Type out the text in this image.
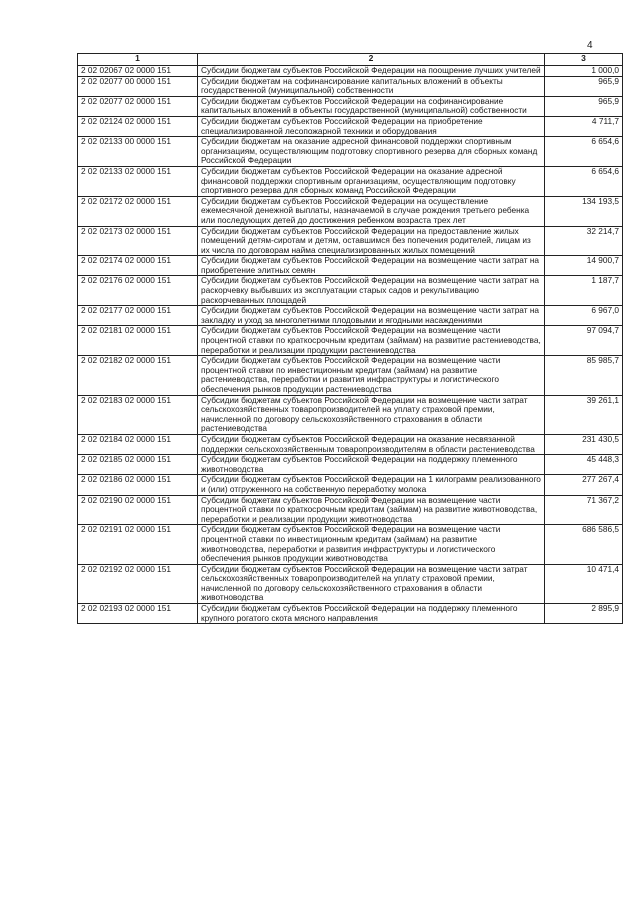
4
1	2	3
2 02 02067 02 0000 151	Субсидии бюджетам субъектов Российской Федерации на поощрение лучших учителей	1 000,0
2 02 02077 00 0000 151	Субсидии бюджетам на софинансирование капитальных вложений в объекты государственной (муниципальной) собственности	965,9
2 02 02077 02 0000 151	Субсидии бюджетам субъектов Российской Федерации на софинансирование капитальных вложений в объекты государственной (муниципальной) собственности	965,9
2 02 02124 02 0000 151	Субсидии бюджетам субъектов Российской Федерации на приобретение специализированной лесопожарной техники и оборудования	4 711,7
2 02 02133 00 0000 151	Субсидии бюджетам на оказание адресной финансовой поддержки спортивным организациям, осуществляющим подготовку спортивного резерва для сборных команд Российской Федерации	6 654,6
2 02 02133 02 0000 151	Субсидии бюджетам субъектов Российской Федерации на оказание адресной финансовой поддержки спортивным организациям, осуществляющим подготовку спортивного резерва для сборных команд Российской Федерации	6 654,6
2 02 02172 02 0000 151	Субсидии бюджетам субъектов Российской Федерации на осуществление ежемесячной денежной выплаты, назначаемой в случае рождения третьего ребенка или последующих детей до достижения ребенком возраста трех лет	134 193,5
2 02 02173 02 0000 151	Субсидии бюджетам субъектов Российской Федерации на предоставление жилых помещений детям-сиротам и детям, оставшимся без попечения родителей, лицам из их числа по договорам найма специализированных жилых помещений	32 214,7
2 02 02174 02 0000 151	Субсидии бюджетам субъектов Российской Федерации на возмещение части затрат на приобретение элитных семян	14 900,7
2 02 02176 02 0000 151	Субсидии бюджетам субъектов Российской Федерации на возмещение части затрат на раскорчевку выбывших из эксплуатации старых садов и рекультивацию раскорчеванных площадей	1 187,7
2 02 02177 02 0000 151	Субсидии бюджетам субъектов Российской Федерации на возмещение части затрат на закладку и уход за многолетними плодовыми и ягодными насаждениями	6 967,0
2 02 02181 02 0000 151	Субсидии бюджетам субъектов Российской Федерации на возмещение части процентной ставки по краткосрочным кредитам (займам) на развитие растениеводства, переработки и реализации продукции растениеводства	97 094,7
2 02 02182 02 0000 151	Субсидии бюджетам субъектов Российской Федерации на возмещение части процентной ставки по инвестиционным кредитам (займам) на развитие растениеводства, переработки и развития инфраструктуры и логистического обеспечения рынков продукции растениеводства	85 985,7
2 02 02183 02 0000 151	Субсидии бюджетам субъектов Российской Федерации на возмещение части затрат сельскохозяйственных товаропроизводителей на уплату страховой премии, начисленной по договору сельскохозяйственного страхования в области растениеводства	39 261,1
2 02 02184 02 0000 151	Субсидии бюджетам субъектов Российской Федерации на оказание несвязанной поддержки сельскохозяйственным товаропроизводителям в области растениеводства	231 430,5
2 02 02185 02 0000 151	Субсидии бюджетам субъектов Российской Федерации на поддержку племенного животноводства	45 448,3
2 02 02186 02 0000 151	Субсидии бюджетам субъектов Российской Федерации на 1 килограмм реализованного и (или) отгруженного на собственную переработку молока	277 267,4
2 02 02190 02 0000 151	Субсидии бюджетам субъектов Российской Федерации на возмещение части процентной ставки по краткосрочным кредитам (займам) на развитие животноводства, переработки и реализации продукции животноводства	71 367,2
2 02 02191 02 0000 151	Субсидии бюджетам субъектов Российской Федерации на возмещение части процентной ставки по инвестиционным кредитам (займам) на развитие животноводства, переработки и развития инфраструктуры и логистического обеспечения рынков продукции животноводства	686 586,5
2 02 02192 02 0000 151	Субсидии бюджетам субъектов Российской Федерации на возмещение части затрат сельскохозяйственных товаропроизводителей на уплату страховой премии, начисленной по договору сельскохозяйственного страхования в области животноводства	10 471,4
2 02 02193 02 0000 151	Субсидии бюджетам субъектов Российской Федерации на поддержку племенного крупного рогатого скота мясного направления	2 895,9
